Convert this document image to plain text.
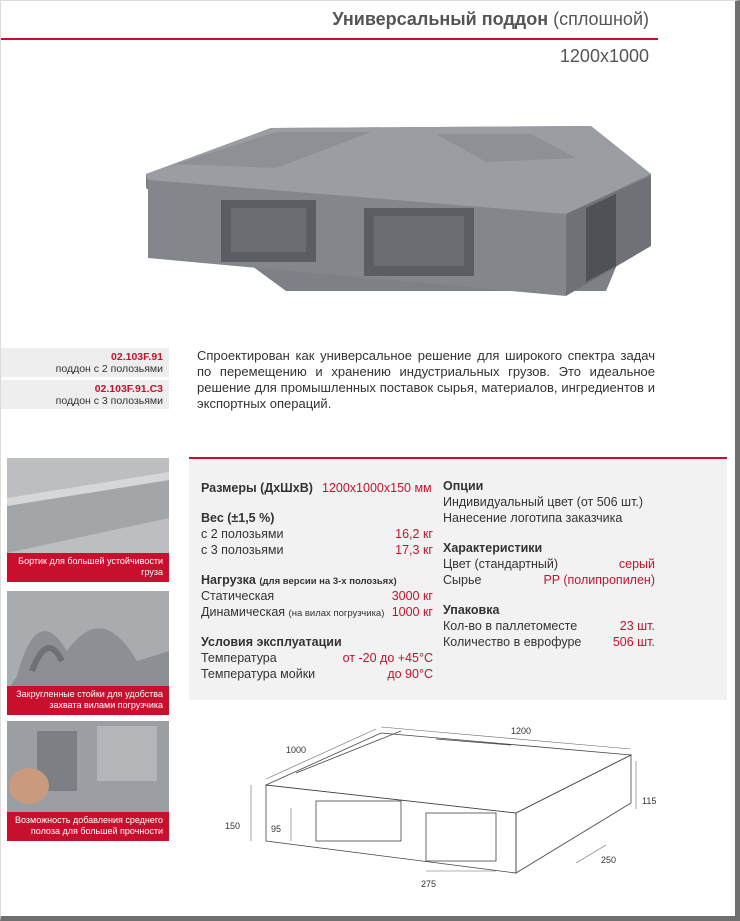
Универсальный поддон (сплошной)
1200x1000
02.103F.91
поддон с 2 полозьями
02.103F.91.C3
поддон с 3 полозьями
Спроектирован как универсальное решение для широкого спектра задач по перемещению и хранению индустриальных грузов. Это идеальное решение для промышленных поставок сырья, материалов, ингредиентов и экспортных операций.
Бортик для большей устойчивости груза
Закругленные стойки для удобства захвата вилами погрузчика
Возможность добавления среднего полоза для большей прочности
Размеры (ДхШхВ) 1200x1000x150 мм
Вес (±1,5 %)
с 2 полозьями	16,2 кг
с 3 полозьями	17,3 кг
Нагрузка (для версии на 3-х полозьях)
Статическая	3000 кг
Динамическая (на вилах погрузчика) 1000 кг
Условия эксплуатации
Температура	от -20 до +45°С
Температура мойки	до 90°С
Опции
Индивидуальный цвет (от 506 шт.)
Нанесение логотипа заказчика
Характеристики
Цвет (стандартный)	серый
Сырье	PP (полипропилен)
Упаковка
Кол-во в паллетоместе	23 шт.
Количество в еврофуре	506 шт.
1200
1000
150	95
275
115
250
